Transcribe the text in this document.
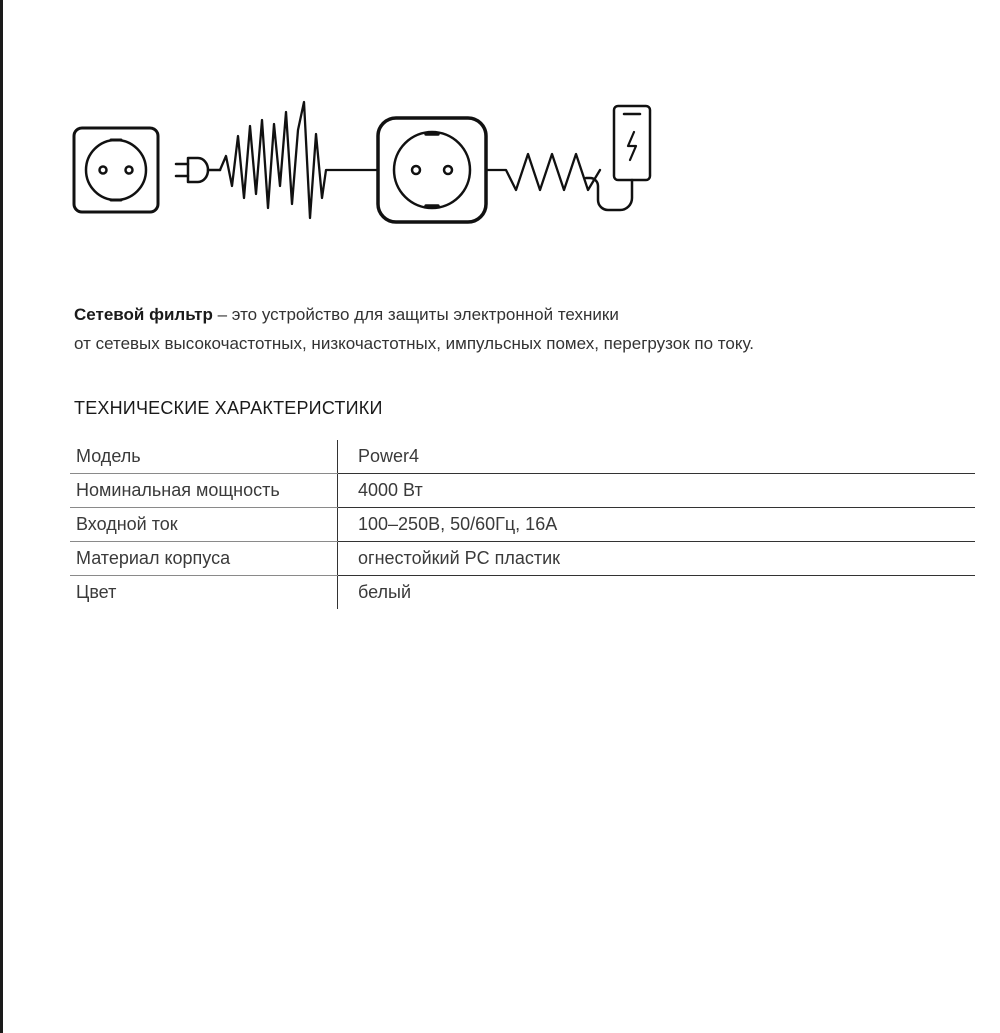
Сетевой фильтр – это устройство для защиты электронной техники
от сетевых высокочастотных, низкочастотных, импульсных помех, перегрузок по току.
ТЕХНИЧЕСКИЕ ХАРАКТЕРИСТИКИ
Модель	Power4
Номинальная мощность	4000 Вт
Входной ток	100–250В, 50/60Гц, 16А
Материал корпуса	огнестойкий PC пластик
Цвет	белый
